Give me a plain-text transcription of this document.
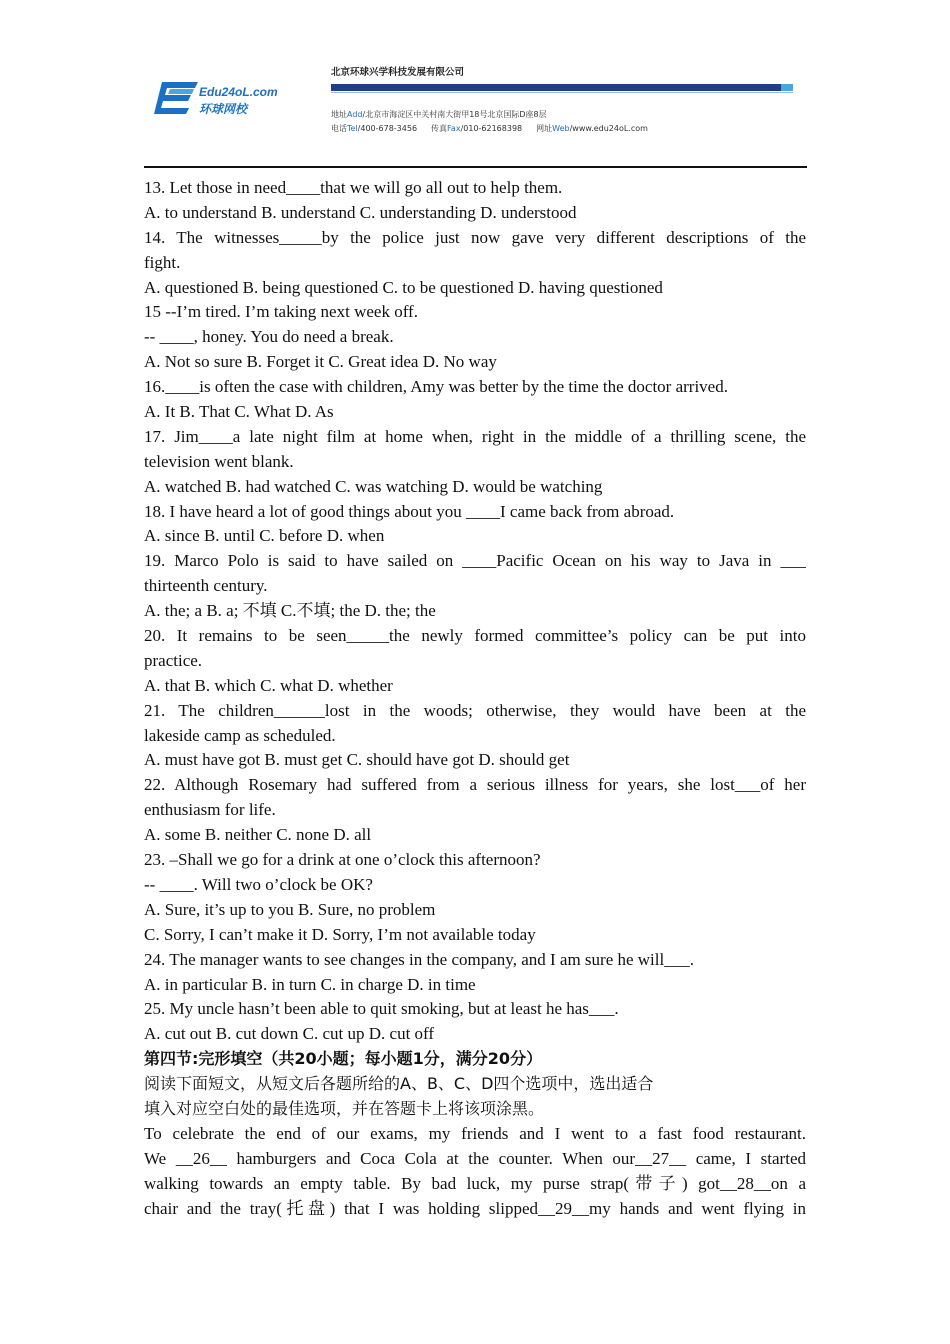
Edu24oL.com
环球网校
北京环球兴学科技发展有限公司
地址Add/北京市海淀区中关村南大街甲18号北京国际D座8层
电话Tel/400-678-3456 传真Fax/010-62168398 网址Web/www.edu24oL.com
13. Let those in need____that we will go all out to help them.
A. to understand B. understand C. understanding D. understood
14. The witnesses_____by the police just now gave very different descriptions of the
fight.
A. questioned B. being questioned C. to be questioned D. having questioned
15 --I’m tired. I’m taking next week off.
-- ____, honey. You do need a break.
A. Not so sure B. Forget it C. Great idea D. No way
16.____is often the case with children, Amy was better by the time the doctor arrived.
A. It B. That C. What D. As
17. Jim____a late night film at home when, right in the middle of a thrilling scene, the
television went blank.
A. watched B. had watched C. was watching D. would be watching
18. I have heard a lot of good things about you ____I came back from abroad.
A. since B. until C. before D. when
19. Marco Polo is said to have sailed on ____Pacific Ocean on his way to Java in ___
thirteenth century.
A. the; a B. a; 不填 C.不填; the D. the; the
20. It remains to be seen_____the newly formed committee’s policy can be put into
practice.
A. that B. which C. what D. whether
21. The children______lost in the woods; otherwise, they would have been at the
lakeside camp as scheduled.
A. must have got B. must get C. should have got D. should get
22. Although Rosemary had suffered from a serious illness for years, she lost___of her
enthusiasm for life.
A. some B. neither C. none D. all
23. –Shall we go for a drink at one o’clock this afternoon?
-- ____. Will two o’clock be OK?
A. Sure, it’s up to you B. Sure, no problem
C. Sorry, I can’t make it D. Sorry, I’m not available today
24. The manager wants to see changes in the company, and I am sure he will___.
A. in particular B. in turn C. in charge D. in time
25. My uncle hasn’t been able to quit smoking, but at least he has___.
A. cut out B. cut down C. cut up D. cut off
第四节:完形填空（共20小题；每小题1分，满分20分）
阅读下面短文，从短文后各题所给的A、B、C、D四个选项中，选出适合
填入对应空白处的最佳选项，并在答题卡上将该项涂黑。
To celebrate the end of our exams, my friends and I went to a fast food restaurant.
We __26__ hamburgers and Coca Cola at the counter. When our__27__ came, I started
walking towards an empty table. By bad luck, my purse strap(带子) got__28__on a
chair and the tray(托盘) that I was holding slipped__29__my hands and went flying in
